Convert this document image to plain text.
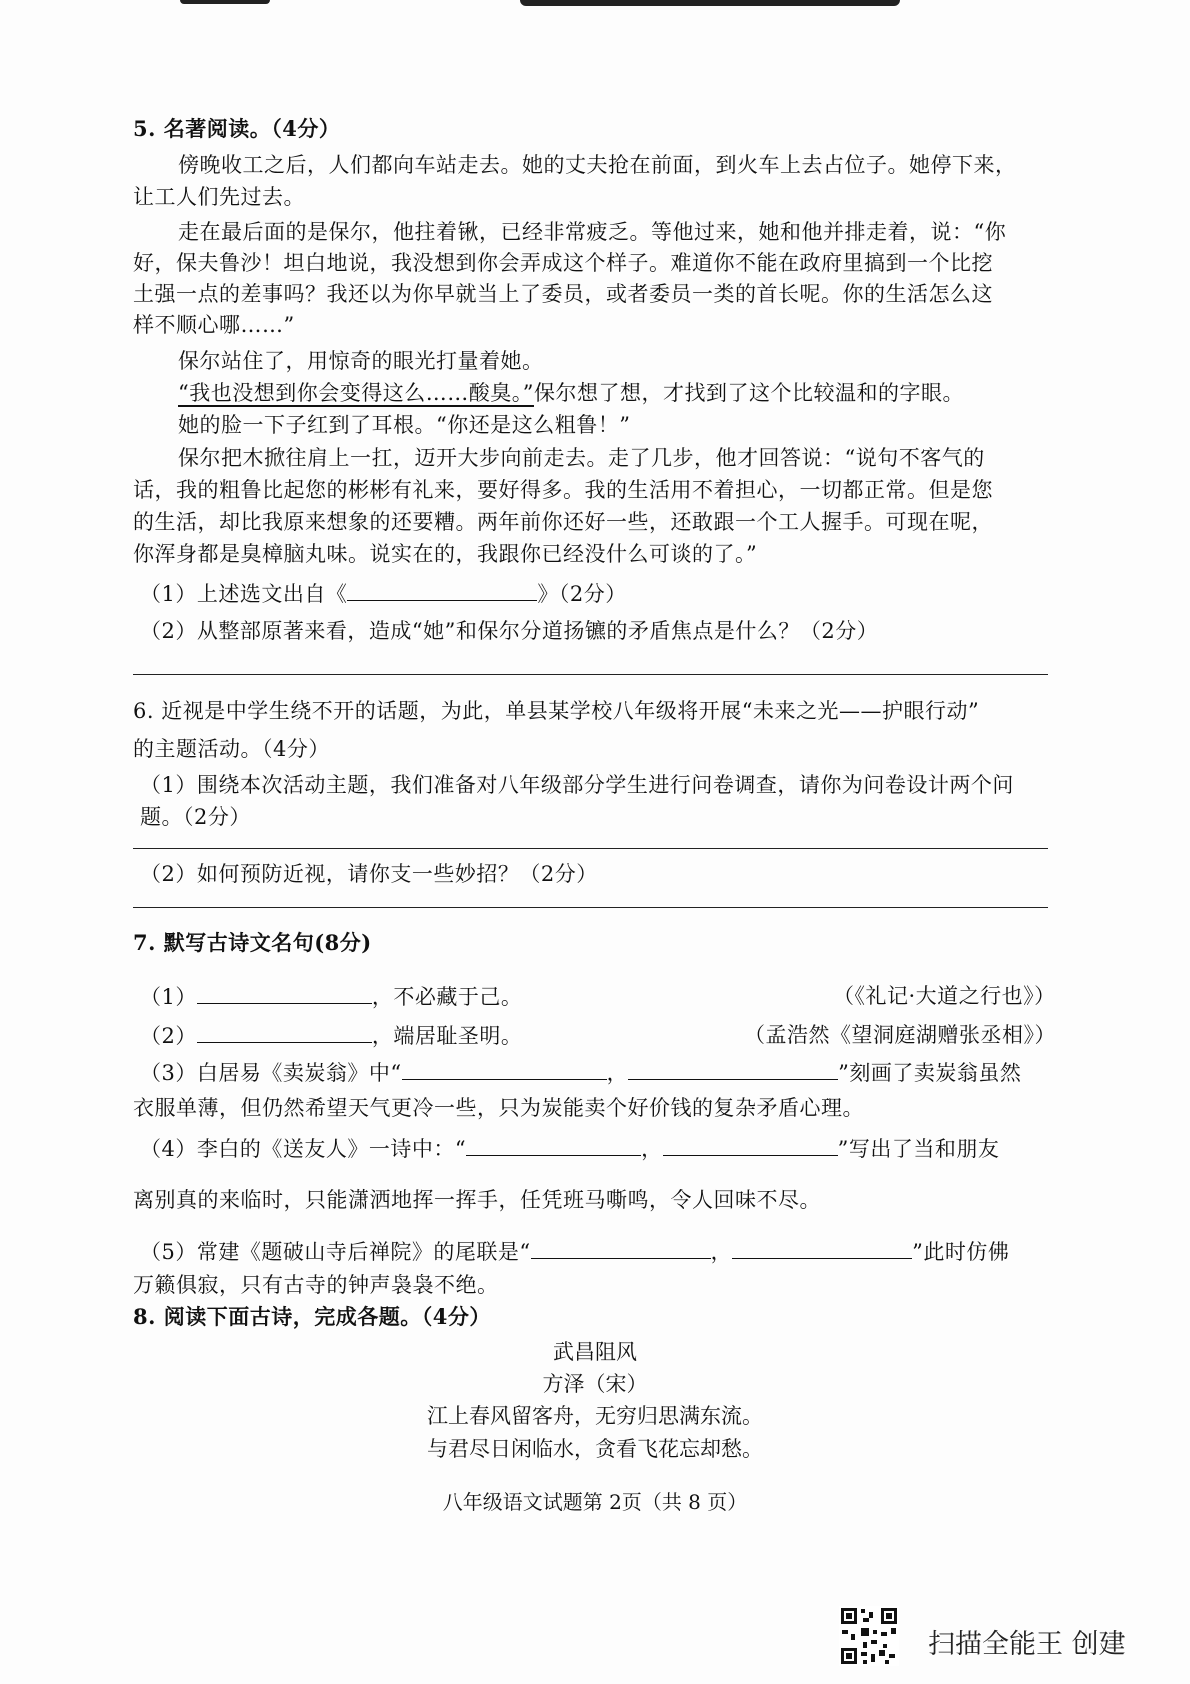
5. 名著阅读。（4分）
傍晚收工之后，人们都向车站走去。她的丈夫抢在前面，到火车上去占位子。她停下来，
让工人们先过去。
走在最后面的是保尔，他拄着锹，已经非常疲乏。等他过来，她和他并排走着，说：“你
好，保夫鲁沙！坦白地说，我没想到你会弄成这个样子。难道你不能在政府里搞到一个比挖
土强一点的差事吗？我还以为你早就当上了委员，或者委员一类的首长呢。你的生活怎么这
样不顺心哪……”
保尔站住了，用惊奇的眼光打量着她。
“我也没想到你会变得这么……酸臭。”保尔想了想，才找到了这个比较温和的字眼。
她的脸一下子红到了耳根。“你还是这么粗鲁！”
保尔把木掀往肩上一扛，迈开大步向前走去。走了几步，他才回答说：“说句不客气的
话，我的粗鲁比起您的彬彬有礼来，要好得多。我的生活用不着担心，一切都正常。但是您
的生活，却比我原来想象的还要糟。两年前你还好一些，还敢跟一个工人握手。可现在呢，
你浑身都是臭樟脑丸味。说实在的，我跟你已经没什么可谈的了。”
（1）上述选文出自《	》（2分）
（2）从整部原著来看，造成“她”和保尔分道扬镳的矛盾焦点是什么？（2分）
6. 近视是中学生绕不开的话题，为此，单县某学校八年级将开展“未来之光——护眼行动”
的主题活动。（4分）
（1）围绕本次活动主题，我们准备对八年级部分学生进行问卷调查，请你为问卷设计两个问
题。（2分）
（2）如何预防近视，请你支一些妙招？（2分）
7. 默写古诗文名句(8分)
（1）	，不必藏于己。	（《礼记·大道之行也》）
（2）	，端居耻圣明。	（孟浩然《望洞庭湖赠张丞相》）
（3）白居易《卖炭翁》中“	，	”刻画了卖炭翁虽然
衣服单薄，但仍然希望天气更冷一些，只为炭能卖个好价钱的复杂矛盾心理。
（4）李白的《送友人》一诗中：“	，	”写出了当和朋友
离别真的来临时，只能潇洒地挥一挥手，任凭班马嘶鸣，令人回味不尽。
（5）常建《题破山寺后禅院》的尾联是“	，	”此时仿佛
万籁俱寂，只有古寺的钟声袅袅不绝。
8. 阅读下面古诗，完成各题。（4分）
武昌阻风
方泽（宋）
江上春风留客舟，无穷归思满东流。
与君尽日闲临水，贪看飞花忘却愁。
八年级语文试题第 2页（共 8 页）
扫描全能王 创建
